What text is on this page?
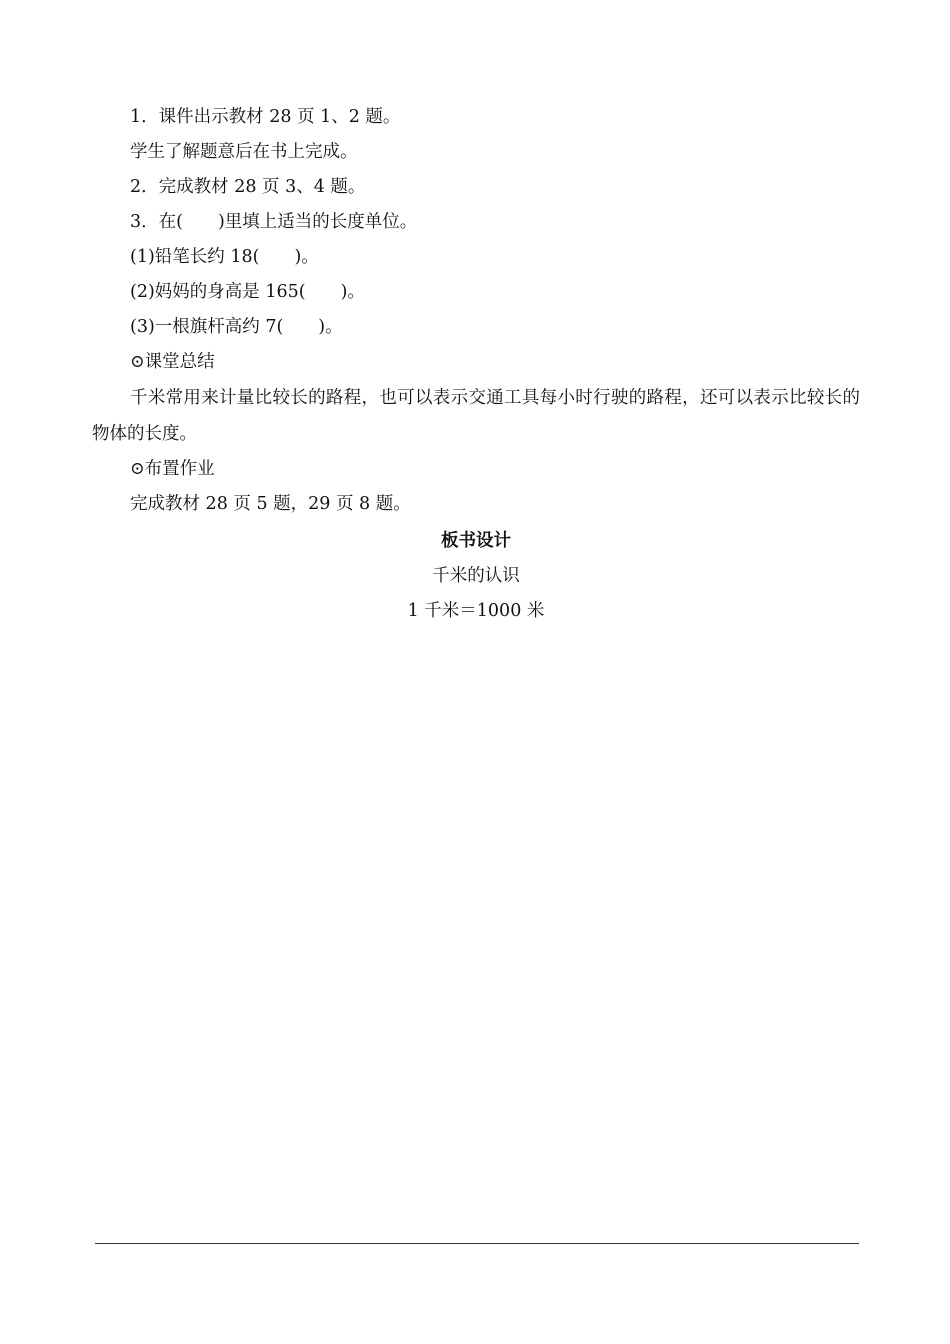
1．课件出示教材 28 页 1、2 题。

学生了解题意后在书上完成。

2．完成教材 28 页 3、4 题。

3．在(　　)里填上适当的长度单位。

(1)铅笔长约 18(　　)。

(2)妈妈的身高是 165(　　)。

(3)一根旗杆高约 7(　　)。

⊙课堂总结

千米常用来计量比较长的路程，也可以表示交通工具每小时行驶的路程，还可以表示比较长的物体的长度。

⊙布置作业

完成教材 28 页 5 题，29 页 8 题。

板书设计

千米的认识

1 千米＝1000 米
